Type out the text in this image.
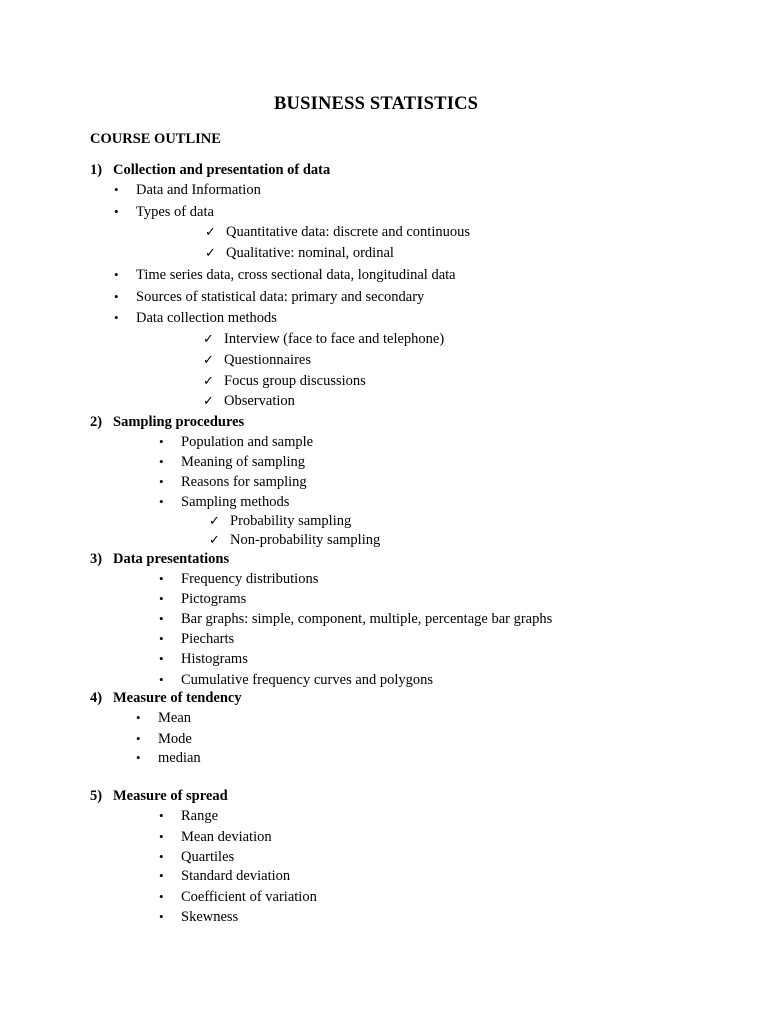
BUSINESS STATISTICS
COURSE OUTLINE
1) Collection and presentation of data
• Data and Information
• Types of data
✓ Quantitative data: discrete and continuous
✓ Qualitative: nominal, ordinal
• Time series data, cross sectional data, longitudinal data
• Sources of statistical data: primary and secondary
• Data collection methods
✓ Interview (face to face and telephone)
✓ Questionnaires
✓ Focus group discussions
✓ Observation
2) Sampling procedures
• Population and sample
• Meaning of sampling
• Reasons for sampling
• Sampling methods
✓ Probability sampling
✓ Non-probability sampling
3) Data presentations
• Frequency distributions
• Pictograms
• Bar graphs: simple, component, multiple, percentage bar graphs
• Piecharts
• Histograms
• Cumulative frequency curves and polygons
4) Measure of tendency
• Mean
• Mode
• median
5) Measure of spread
• Range
• Mean deviation
• Quartiles
• Standard deviation
• Coefficient of variation
• Skewness
